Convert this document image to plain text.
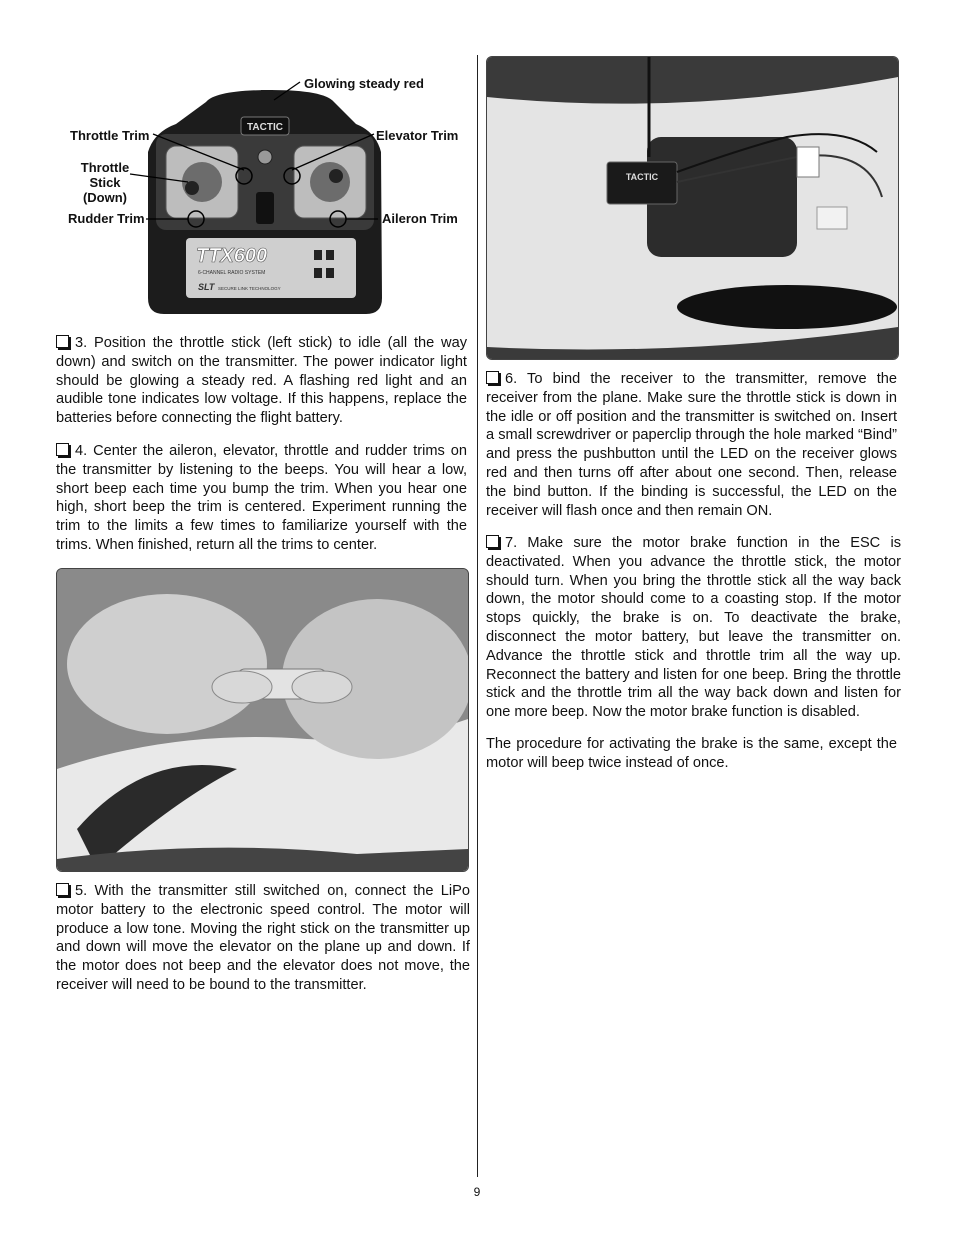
TACTIC
TTX600
6-CHANNEL RADIO SYSTEM
SLT SECURE LINK TECHNOLOGY
Glowing steady red
Throttle Trim	Elevator Trim
Throttle Stick
(Down)
Rudder Trim	Aileron Trim

3. Position the throttle stick (left stick) to idle (all the way down) and switch on the transmitter. The power indicator light should be glowing a steady red. A flashing red light and an audible tone indicates low voltage. If this happens, replace the batteries before connecting the flight battery.

4. Center the aileron, elevator, throttle and rudder trims on the transmitter by listening to the beeps. You will hear a low, short beep each time you bump the trim. When you hear one high, short beep the trim is centered. Experiment running the trim to the limits a few times to familiarize yourself with the trims. When finished, return all the trims to center.

5. With the transmitter still switched on, connect the LiPo motor battery to the electronic speed control. The motor will produce a low tone. Moving the right stick on the transmitter up and down will move the elevator on the plane up and down. If the motor does not beep and the elevator does not move, the receiver will need to be bound to the transmitter.

TACTIC

6. To bind the receiver to the transmitter, remove the receiver from the plane. Make sure the throttle stick is down in the idle or off position and the transmitter is switched on. Insert a small screwdriver or paperclip through the hole marked “Bind” and press the pushbutton until the LED on the receiver glows red and then turns off after about one second. Then, release the bind button. If the binding is successful, the LED on the receiver will flash once and then remain ON.

7. Make sure the motor brake function in the ESC is deactivated. When you advance the throttle stick, the motor should turn. When you bring the throttle stick all the way back down, the motor should come to a coasting stop. If the motor stops quickly, the brake is on. To deactivate the brake, disconnect the motor battery, but leave the transmitter on. Advance the throttle stick and throttle trim all the way up. Reconnect the battery and listen for one beep. Bring the throttle stick and the throttle trim all the way back down and listen for one more beep. Now the motor brake function is disabled.

The procedure for activating the brake is the same, except the motor will beep twice instead of once.

9
